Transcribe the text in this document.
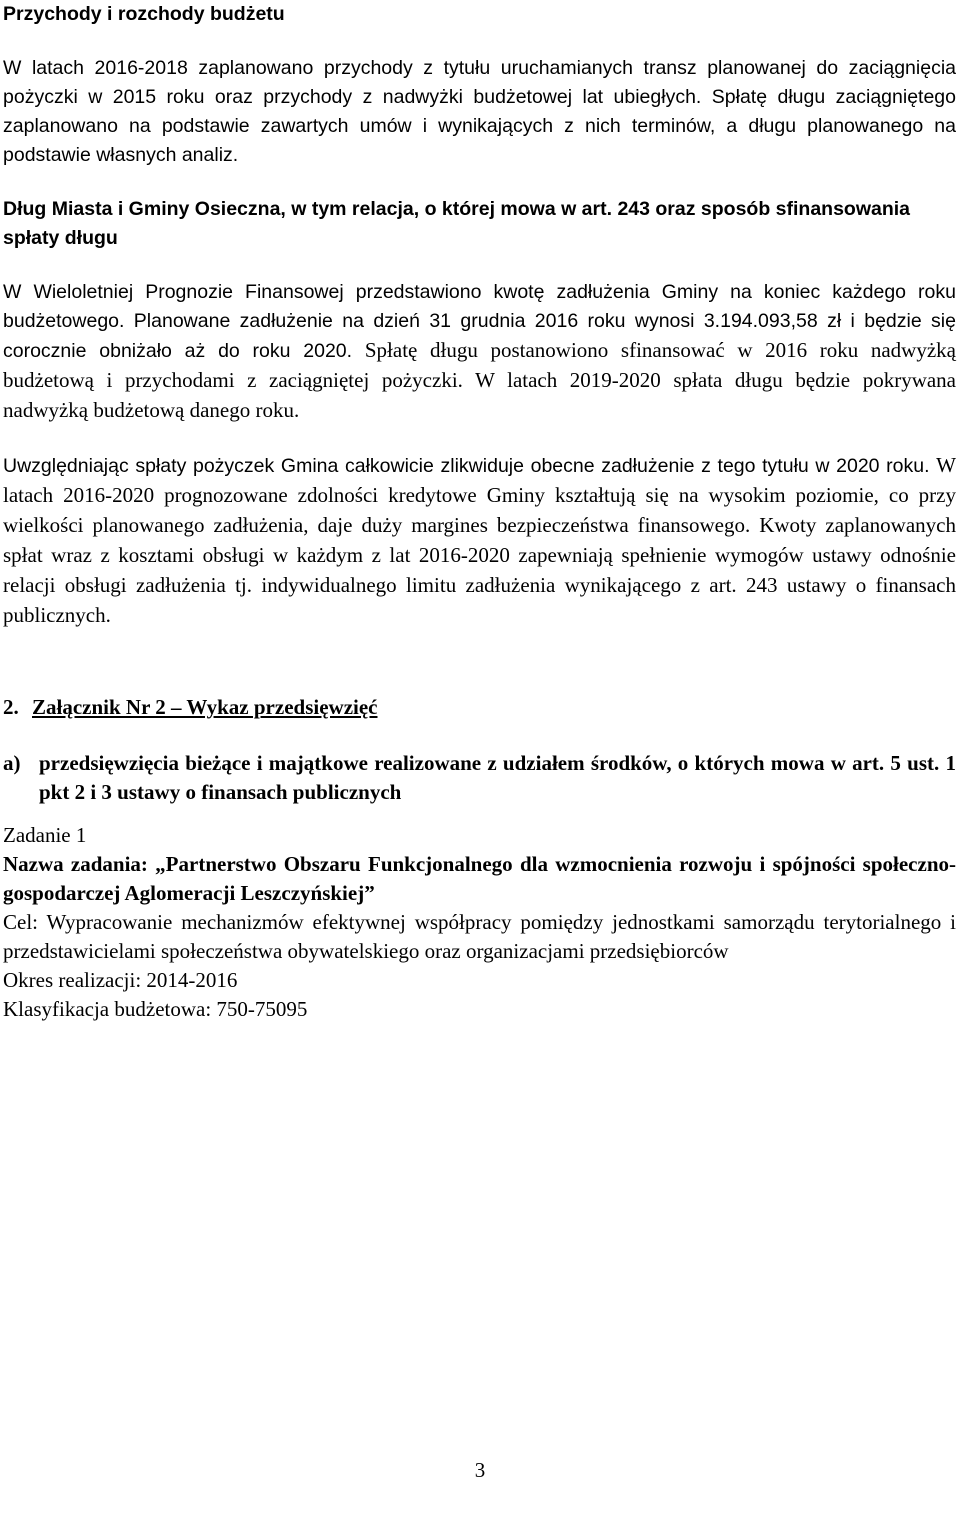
Przychody i rozchody budżetu

W latach 2016-2018 zaplanowano przychody z tytułu uruchamianych transz planowanej do zaciągnięcia pożyczki w 2015 roku oraz przychody z nadwyżki budżetowej lat ubiegłych. Spłatę długu zaciągniętego zaplanowano na podstawie zawartych umów i wynikających z nich terminów, a długu planowanego na podstawie własnych analiz.

Dług Miasta i Gminy Osieczna, w tym relacja, o której mowa w art. 243 oraz sposób sfinansowania spłaty długu

W Wieloletniej Prognozie Finansowej przedstawiono kwotę zadłużenia Gminy na koniec każdego roku budżetowego. Planowane zadłużenie na dzień 31 grudnia 2016 roku wynosi 3.194.093,58 zł i będzie się corocznie obniżało aż do roku 2020. Spłatę długu postanowiono sfinansować w 2016 roku nadwyżką budżetową i przychodami z zaciągniętej pożyczki. W latach 2019-2020 spłata długu będzie pokrywana nadwyżką budżetową danego roku.

Uwzględniając spłaty pożyczek Gmina całkowicie zlikwiduje obecne zadłużenie z tego tytułu w 2020 roku. W latach 2016-2020 prognozowane zdolności kredytowe Gminy kształtują się na wysokim poziomie, co przy wielkości planowanego zadłużenia, daje duży margines bezpieczeństwa finansowego. Kwoty zaplanowanych spłat wraz z kosztami obsługi w każdym z lat 2016-2020 zapewniają spełnienie wymogów ustawy odnośnie relacji obsługi zadłużenia tj. indywidualnego limitu zadłużenia wynikającego z art. 243 ustawy o finansach publicznych.

2. Załącznik Nr 2 – Wykaz przedsięwzięć
a) przedsięwzięcia bieżące i majątkowe realizowane z udziałem środków, o których mowa w art. 5 ust. 1 pkt 2 i 3 ustawy o finansach publicznych

Zadanie 1

Nazwa zadania: „Partnerstwo Obszaru Funkcjonalnego dla wzmocnienia rozwoju i spójności społeczno-gospodarczej Aglomeracji Leszczyńskiej”

Cel: Wypracowanie mechanizmów efektywnej współpracy pomiędzy jednostkami samorządu terytorialnego i przedstawicielami społeczeństwa obywatelskiego oraz organizacjami przedsiębiorców

Okres realizacji: 2014-2016

Klasyfikacja budżetowa: 750-75095

3
